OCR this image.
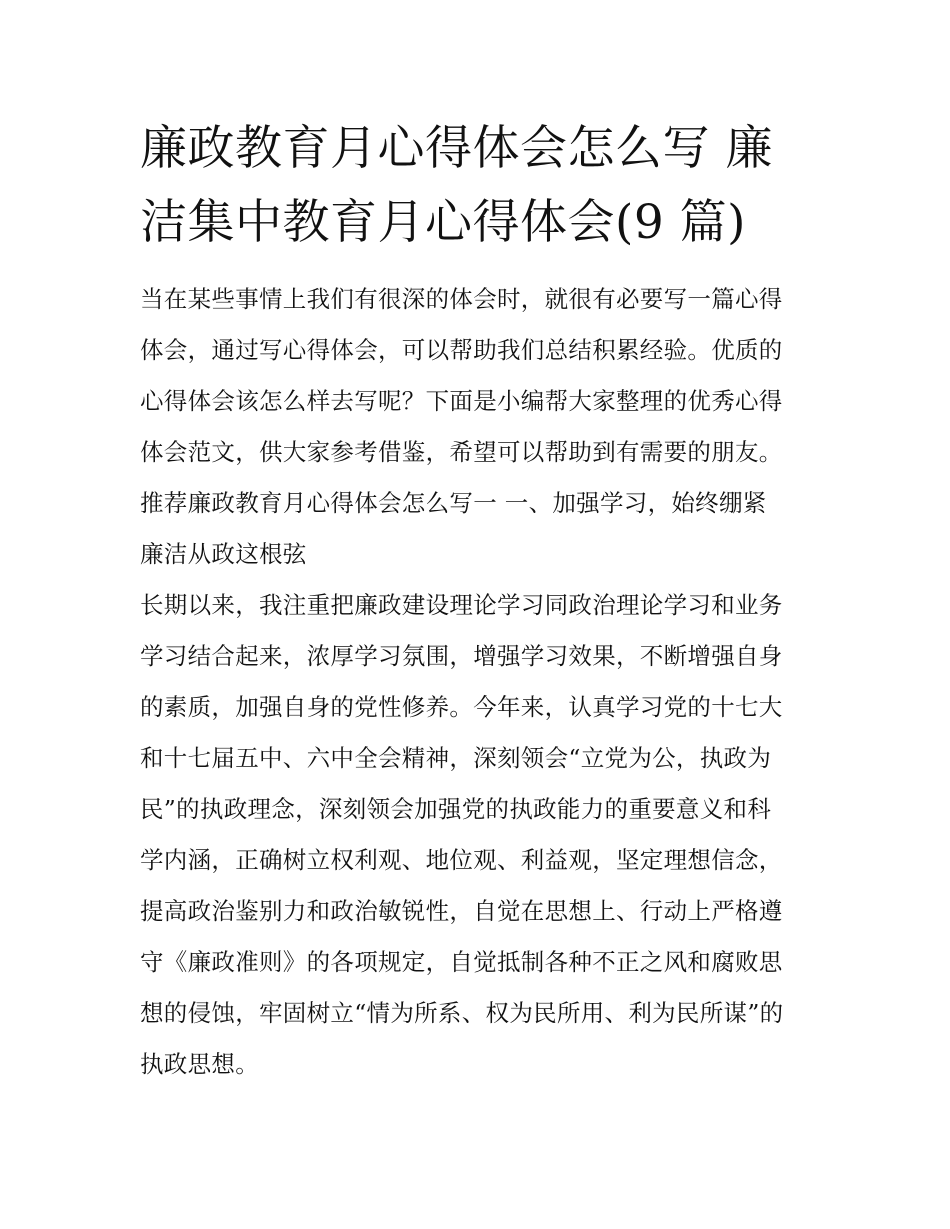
廉政教育月心得体会怎么写 廉
洁集中教育月心得体会(9 篇)
当在某些事情上我们有很深的体会时，就很有必要写一篇心得
体会，通过写心得体会，可以帮助我们总结积累经验。优质的
心得体会该怎么样去写呢？下面是小编帮大家整理的优秀心得
体会范文，供大家参考借鉴，希望可以帮助到有需要的朋友。
推荐廉政教育月心得体会怎么写一 一、加强学习，始终绷紧
廉洁从政这根弦
长期以来，我注重把廉政建设理论学习同政治理论学习和业务
学习结合起来，浓厚学习氛围，增强学习效果，不断增强自身
的素质，加强自身的党性修养。今年来，认真学习党的十七大
和十七届五中、六中全会精神，深刻领会“立党为公，执政为
民”的执政理念，深刻领会加强党的执政能力的重要意义和科
学内涵，正确树立权利观、地位观、利益观，坚定理想信念，
提高政治鉴别力和政治敏锐性，自觉在思想上、行动上严格遵
守《廉政准则》的各项规定，自觉抵制各种不正之风和腐败思
想的侵蚀，牢固树立“情为所系、权为民所用、利为民所谋”的
执政思想。
